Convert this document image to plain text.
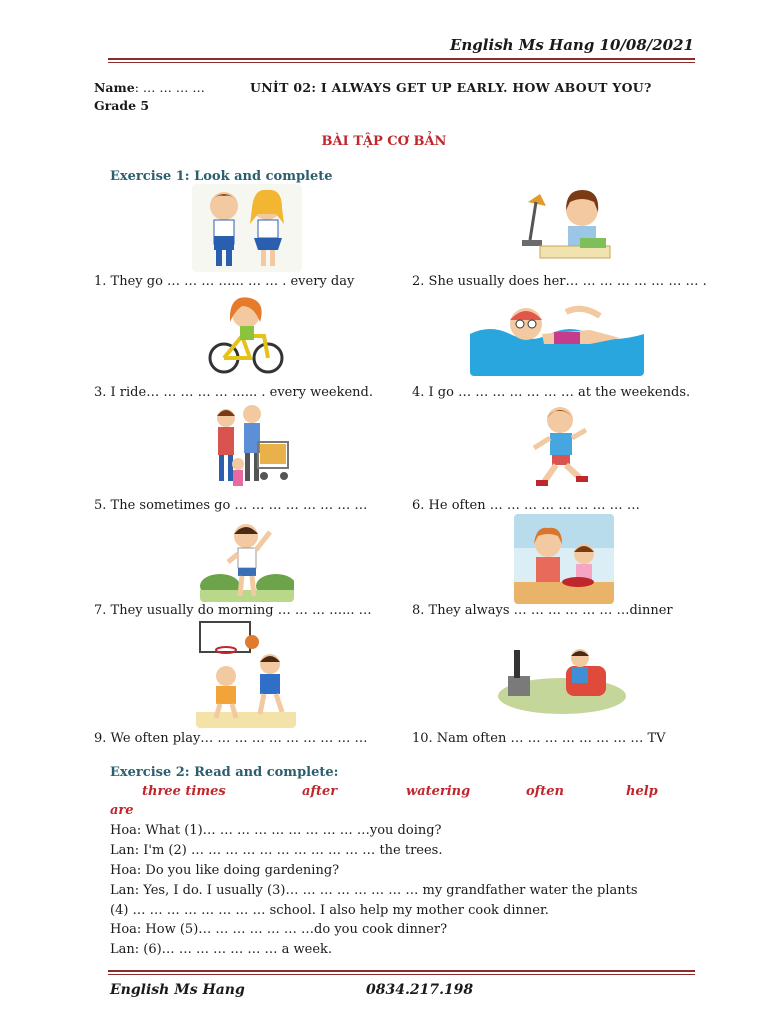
English Ms Hang 10/08/2021
Name: … … … …	UNİT 02: I ALWAYS GET UP EARLY. HOW ABOUT YOU?
Grade 5
BÀI TẬP CƠ BẢN
Exercise 1: Look and complete
1. They go … … … …... … … . every day	2. She usually does her… … … … … … … … .
3. I ride… … … … … …... . every weekend.	4. I go … … … … … … … at the weekends.
5. The sometimes go … … … … … … … …	6. He often … … … … … … … … …
7. They usually do morning … … … …... …	8. They always … … … … … … …dinner
9. We often play… … … … … … … … … …	10. Nam often … … … … … … … … TV
Exercise 2: Read and complete:
three times	after	watering	often	help
are
Hoa: What (1)… … … … … … … … … …you doing?
Lan: I'm (2) … … … … … … … … … … … the trees.
Hoa: Do you like doing gardening?
Lan: Yes, I do. I usually (3)… … … … … … … … my grandfather water the plants
(4) … … … … … … … … school. I also help my mother cook dinner.
Hoa: How (5)… … … … … … …do you cook dinner?
Lan: (6)… … … … … … … a week.
English Ms Hang	0834.217.198
